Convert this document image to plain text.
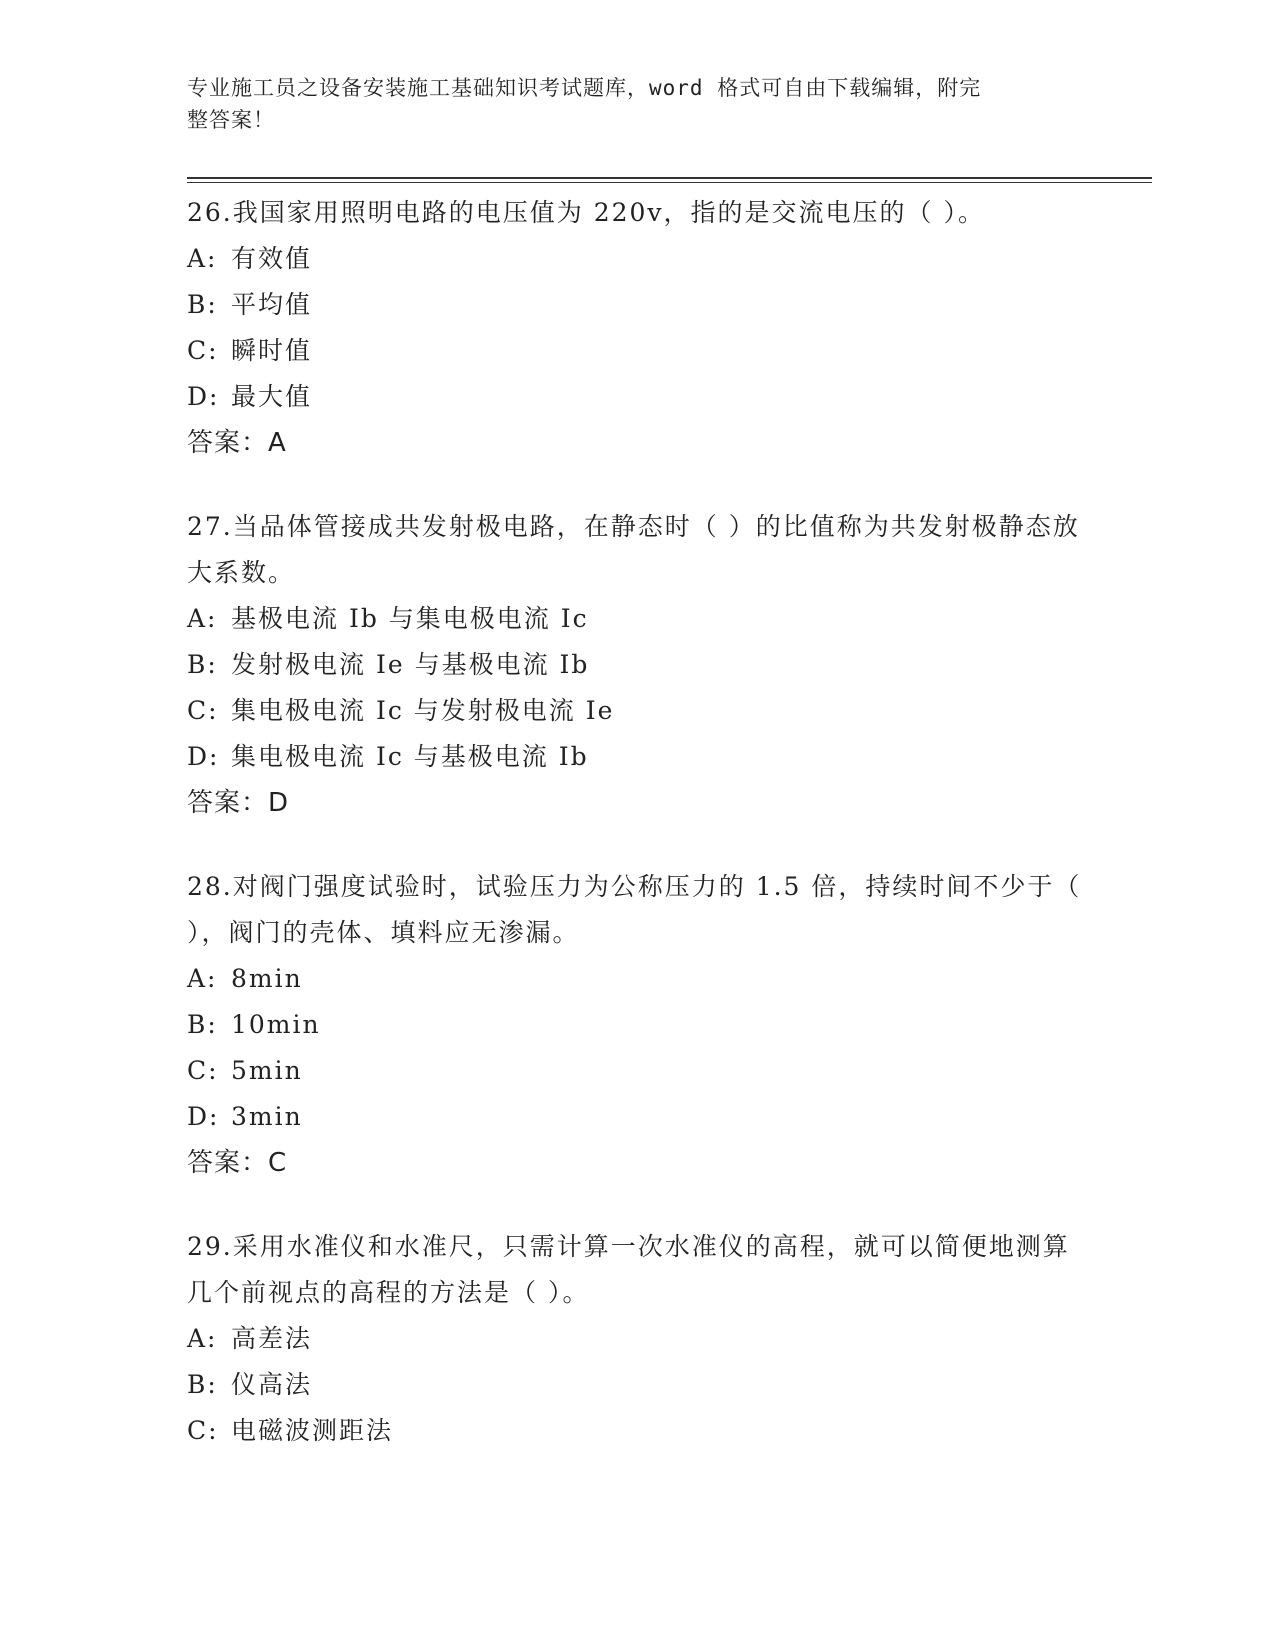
专业施工员之设备安装施工基础知识考试题库，word 格式可自由下载编辑，附完
整答案！

26.我国家用照明电路的电压值为 220v，指的是交流电压的（ ）。

A: 有效值

B: 平均值

C: 瞬时值

D: 最大值

答案：A

27.当品体管接成共发射极电路，在静态时（ ）的比值称为共发射极静态放大系数。

A: 基极电流 Ib 与集电极电流 Ic

B: 发射极电流 Ie 与基极电流 Ib

C: 集电极电流 Ic 与发射极电流 Ie

D: 集电极电流 Ic 与基极电流 Ib

答案：D

28.对阀门强度试验时，试验压力为公称压力的 1.5 倍，持续时间不少于（ ），阀门的壳体、填料应无渗漏。

A: 8min

B: 10min

C: 5min

D: 3min

答案：C

29.采用水准仪和水准尺，只需计算一次水准仪的高程，就可以简便地测算几个前视点的高程的方法是（ ）。

A: 高差法

B: 仪高法

C: 电磁波测距法
